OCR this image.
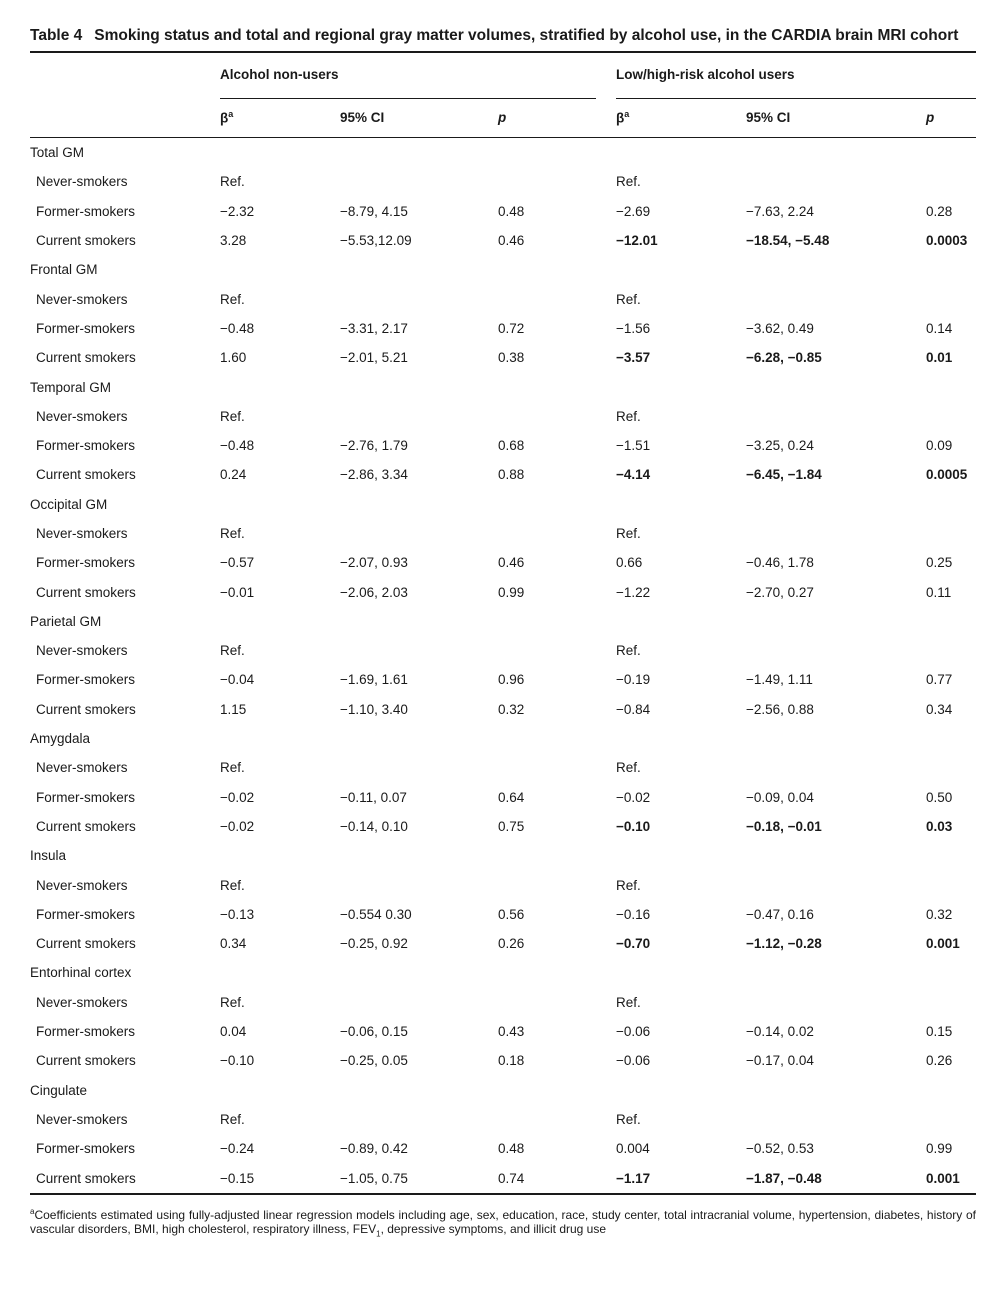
Table 4 Smoking status and total and regional gray matter volumes, stratified by alcohol use, in the CARDIA brain MRI cohort

	Alcohol non-users			Low/high-risk alcohol users		

	$\beta^a$	95% CI	p	$\beta^a$	95% CI	p
Total GM						
Never-smokers	Ref.			Ref.		
Former-smokers	−2.32	−8.79, 4.15	0.48	−2.69	−7.63, 2.24	0.28
Current smokers	3.28	−5.53,12.09	0.46	−12.01	−18.54, −5.48	0.0003
Frontal GM						
Never-smokers	Ref.			Ref.		
Former-smokers	−0.48	−3.31, 2.17	0.72	−1.56	−3.62, 0.49	0.14
Current smokers	1.60	−2.01, 5.21	0.38	−3.57	−6.28, −0.85	0.01
Temporal GM						
Never-smokers	Ref.			Ref.		
Former-smokers	−0.48	−2.76, 1.79	0.68	−1.51	−3.25, 0.24	0.09
Current smokers	0.24	−2.86, 3.34	0.88	−4.14	−6.45, −1.84	0.0005
Occipital GM						
Never-smokers	Ref.			Ref.		
Former-smokers	−0.57	−2.07, 0.93	0.46	0.66	−0.46, 1.78	0.25
Current smokers	−0.01	−2.06, 2.03	0.99	−1.22	−2.70, 0.27	0.11
Parietal GM						
Never-smokers	Ref.			Ref.		
Former-smokers	−0.04	−1.69, 1.61	0.96	−0.19	−1.49, 1.11	0.77
Current smokers	1.15	−1.10, 3.40	0.32	−0.84	−2.56, 0.88	0.34
Amygdala						
Never-smokers	Ref.			Ref.		
Former-smokers	−0.02	−0.11, 0.07	0.64	−0.02	−0.09, 0.04	0.50
Current smokers	−0.02	−0.14, 0.10	0.75	−0.10	−0.18, −0.01	0.03
Insula						
Never-smokers	Ref.			Ref.		
Former-smokers	−0.13	−0.554 0.30	0.56	−0.16	−0.47, 0.16	0.32
Current smokers	0.34	−0.25, 0.92	0.26	−0.70	−1.12, −0.28	0.001
Entorhinal cortex						
Never-smokers	Ref.			Ref.		
Former-smokers	0.04	−0.06, 0.15	0.43	−0.06	−0.14, 0.02	0.15
Current smokers	−0.10	−0.25, 0.05	0.18	−0.06	−0.17, 0.04	0.26
Cingulate						
Never-smokers	Ref.			Ref.		
Former-smokers	−0.24	−0.89, 0.42	0.48	0.004	−0.52, 0.53	0.99
Current smokers	−0.15	−1.05, 0.75	0.74	−1.17	−1.87, −0.48	0.001
$^a$Coefficients estimated using fully-adjusted linear regression models including age, sex, education, race, study center, total intracranial volume, hypertension, diabetes, history of vascular disorders, BMI, high cholesterol, respiratory illness, $FEV_1$, depressive symptoms, and illicit drug use
